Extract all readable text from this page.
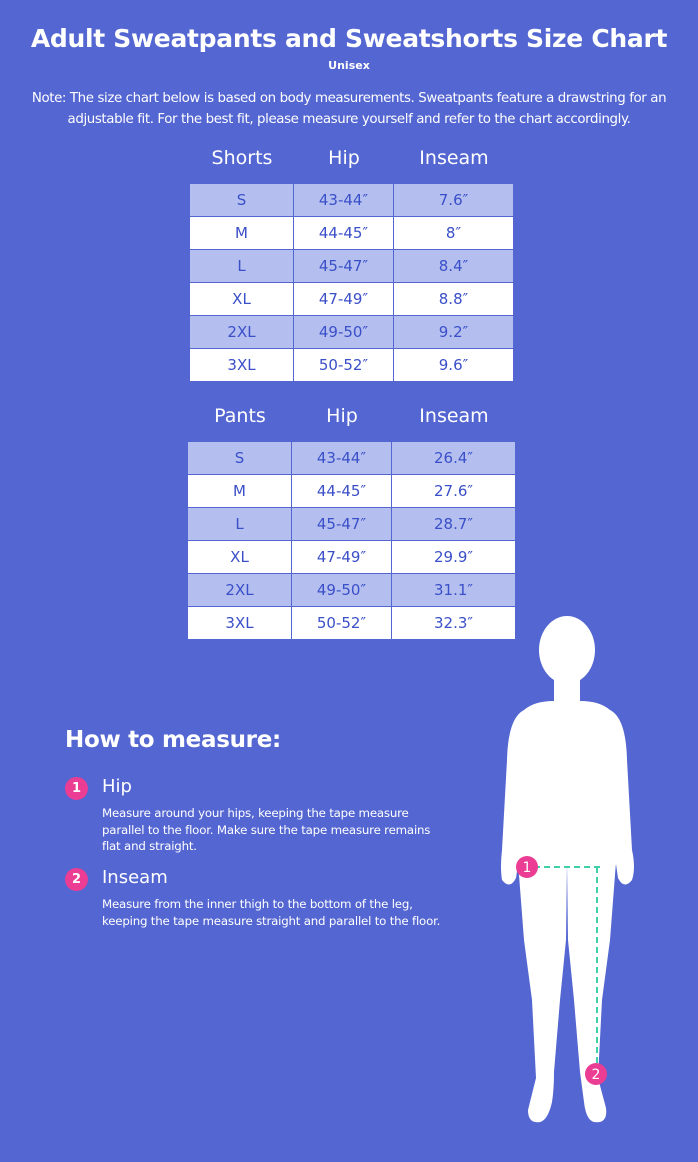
Adult Sweatpants and Sweatshorts Size Chart
Unisex
Note: The size chart below is based on body measurements. Sweatpants feature a drawstring for an adjustable fit. For the best fit, please measure yourself and refer to the chart accordingly.
Shorts	Hip	Inseam
S	43-44″	7.6″
M	44-45″	8″
L	45-47″	8.4″
XL	47-49″	8.8″
2XL	49-50″	9.2″
3XL	50-52″	9.6″
Pants	Hip	Inseam
S	43-44″	26.4″
M	44-45″	27.6″
L	45-47″	28.7″
XL	47-49″	29.9″
2XL	49-50″	31.1″
3XL	50-52″	32.3″
How to measure:
1	Hip
Measure around your hips, keeping the tape measure parallel to the floor. Make sure the tape measure remains flat and straight.
2	Inseam
Measure from the inner thigh to the bottom of the leg, keeping the tape measure straight and parallel to the floor.
1
2
